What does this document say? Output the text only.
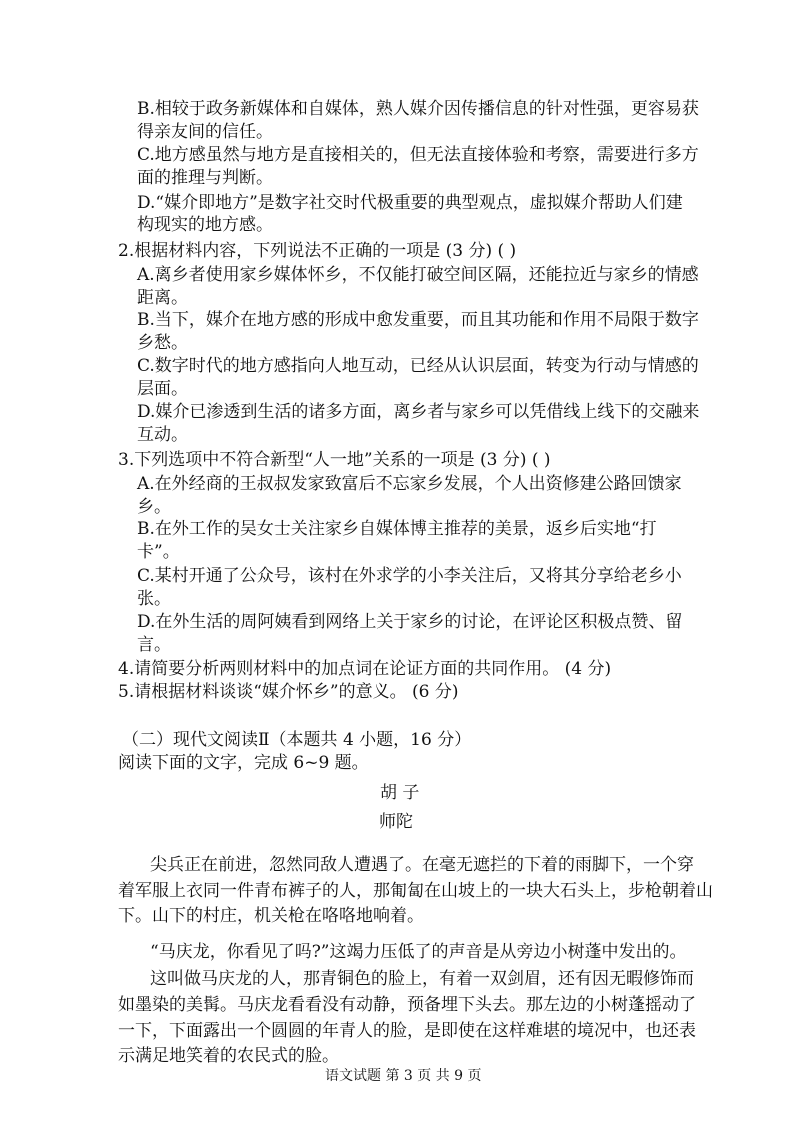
B.相较于政务新媒体和自媒体，熟人媒介因传播信息的针对性强，更容易获
得亲友间的信任。
C.地方感虽然与地方是直接相关的，但无法直接体验和考察，需要进行多方
面的推理与判断。
D.“媒介即地方”是数字社交时代极重要的典型观点，虚拟媒介帮助人们建
构现实的地方感。
2.根据材料内容，下列说法不正确的一项是 (3 分) ( )
A.离乡者使用家乡媒体怀乡，不仅能打破空间区隔，还能拉近与家乡的情感
距离。
B.当下，媒介在地方感的形成中愈发重要，而且其功能和作用不局限于数字
乡愁。
C.数字时代的地方感指向人地互动，已经从认识层面，转变为行动与情感的
层面。
D.媒介已渗透到生活的诸多方面，离乡者与家乡可以凭借线上线下的交融来
互动。
3.下列选项中不符合新型“人一地”关系的一项是 (3 分) ( )
A.在外经商的王叔叔发家致富后不忘家乡发展，个人出资修建公路回馈家
乡。
B.在外工作的吴女士关注家乡自媒体博主推荐的美景，返乡后实地“打
卡”。
C.某村开通了公众号，该村在外求学的小李关注后，又将其分享给老乡小
张。
D.在外生活的周阿姨看到网络上关于家乡的讨论，在评论区积极点赞、留
言。
4.请简要分析两则材料中的加点词在论证方面的共同作用。 (4 分)
5.请根据材料谈谈“媒介怀乡”的意义。 (6 分)
（二）现代文阅读Ⅱ（本题共 4 小题，16 分）
阅读下面的文字，完成 6~9 题。
胡 子
师陀
尖兵正在前进，忽然同敌人遭遇了。在毫无遮拦的下着的雨脚下，一个穿
着军服上衣同一件青布裤子的人，那匍匐在山坡上的一块大石头上，步枪朝着山
下。山下的村庄，机关枪在咯咯地响着。
“马庆龙，你看见了吗?”这竭力压低了的声音是从旁边小树蓬中发出的。
这叫做马庆龙的人，那青铜色的脸上，有着一双剑眉，还有因无暇修饰而
如墨染的美髯。马庆龙看看没有动静，预备埋下头去。那左边的小树蓬摇动了
一下，下面露出一个圆圆的年青人的脸，是即使在这样难堪的境况中，也还表
示满足地笑着的农民式的脸。
语文试题 第 3 页 共 9 页
